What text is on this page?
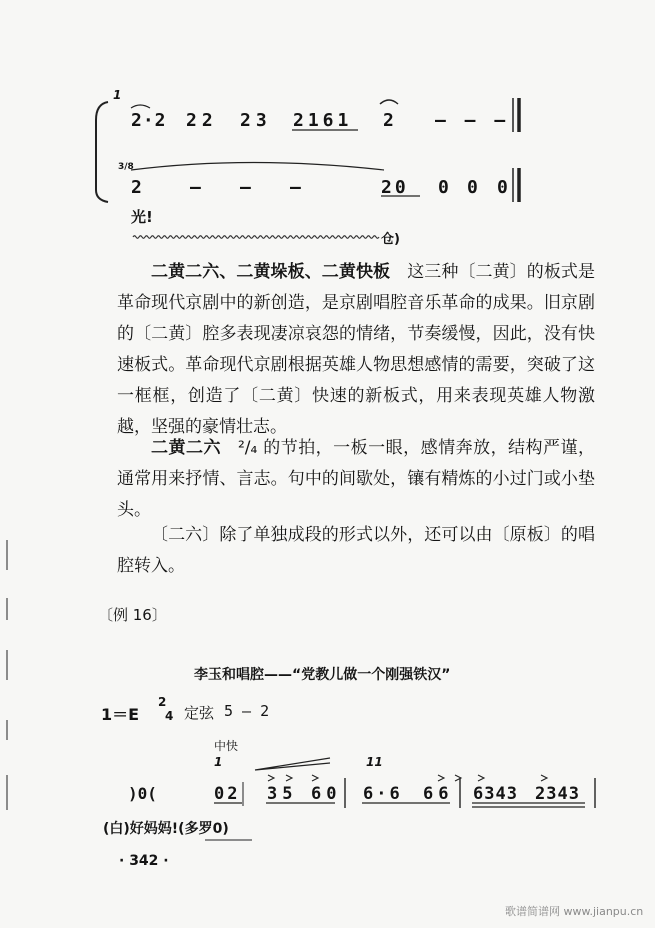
1
2·2 22 23 2161 2 — — —
3/8
2	— — —	20 0 0 0
光!
仓)

二黄二六、二黄垛板、二黄快板  这三种〔二黄〕的板式是革命现代京剧中的新创造，是京剧唱腔音乐革命的成果。旧京剧的〔二黄〕腔多表现凄凉哀怨的情绪，节奏缓慢，因此，没有快速板式。革命现代京剧根据英雄人物思想感情的需要，突破了这一框框，创造了〔二黄〕快速的新板式，用来表现英雄人物激越，坚强的豪情壮志。

二黄二六  ²/₄ 的节拍，一板一眼，感情奔放，结构严谨，通常用来抒情、言志。句中的间歇处，镶有精炼的小过门或小垫头。

〔二六〕除了单独成段的形式以外，还可以由〔原板〕的唱腔转入。

〔例 16〕
李玉和唱腔——“党教儿做一个刚强铁汉”
1＝E
2
4 定弦 5 — 2
中快
1	11
)0(	02 35 60 6·6 66 6343 2343
(白)好妈妈!(多罗0)
· 342 ·
歌谱简谱网 www.jianpu.cn
